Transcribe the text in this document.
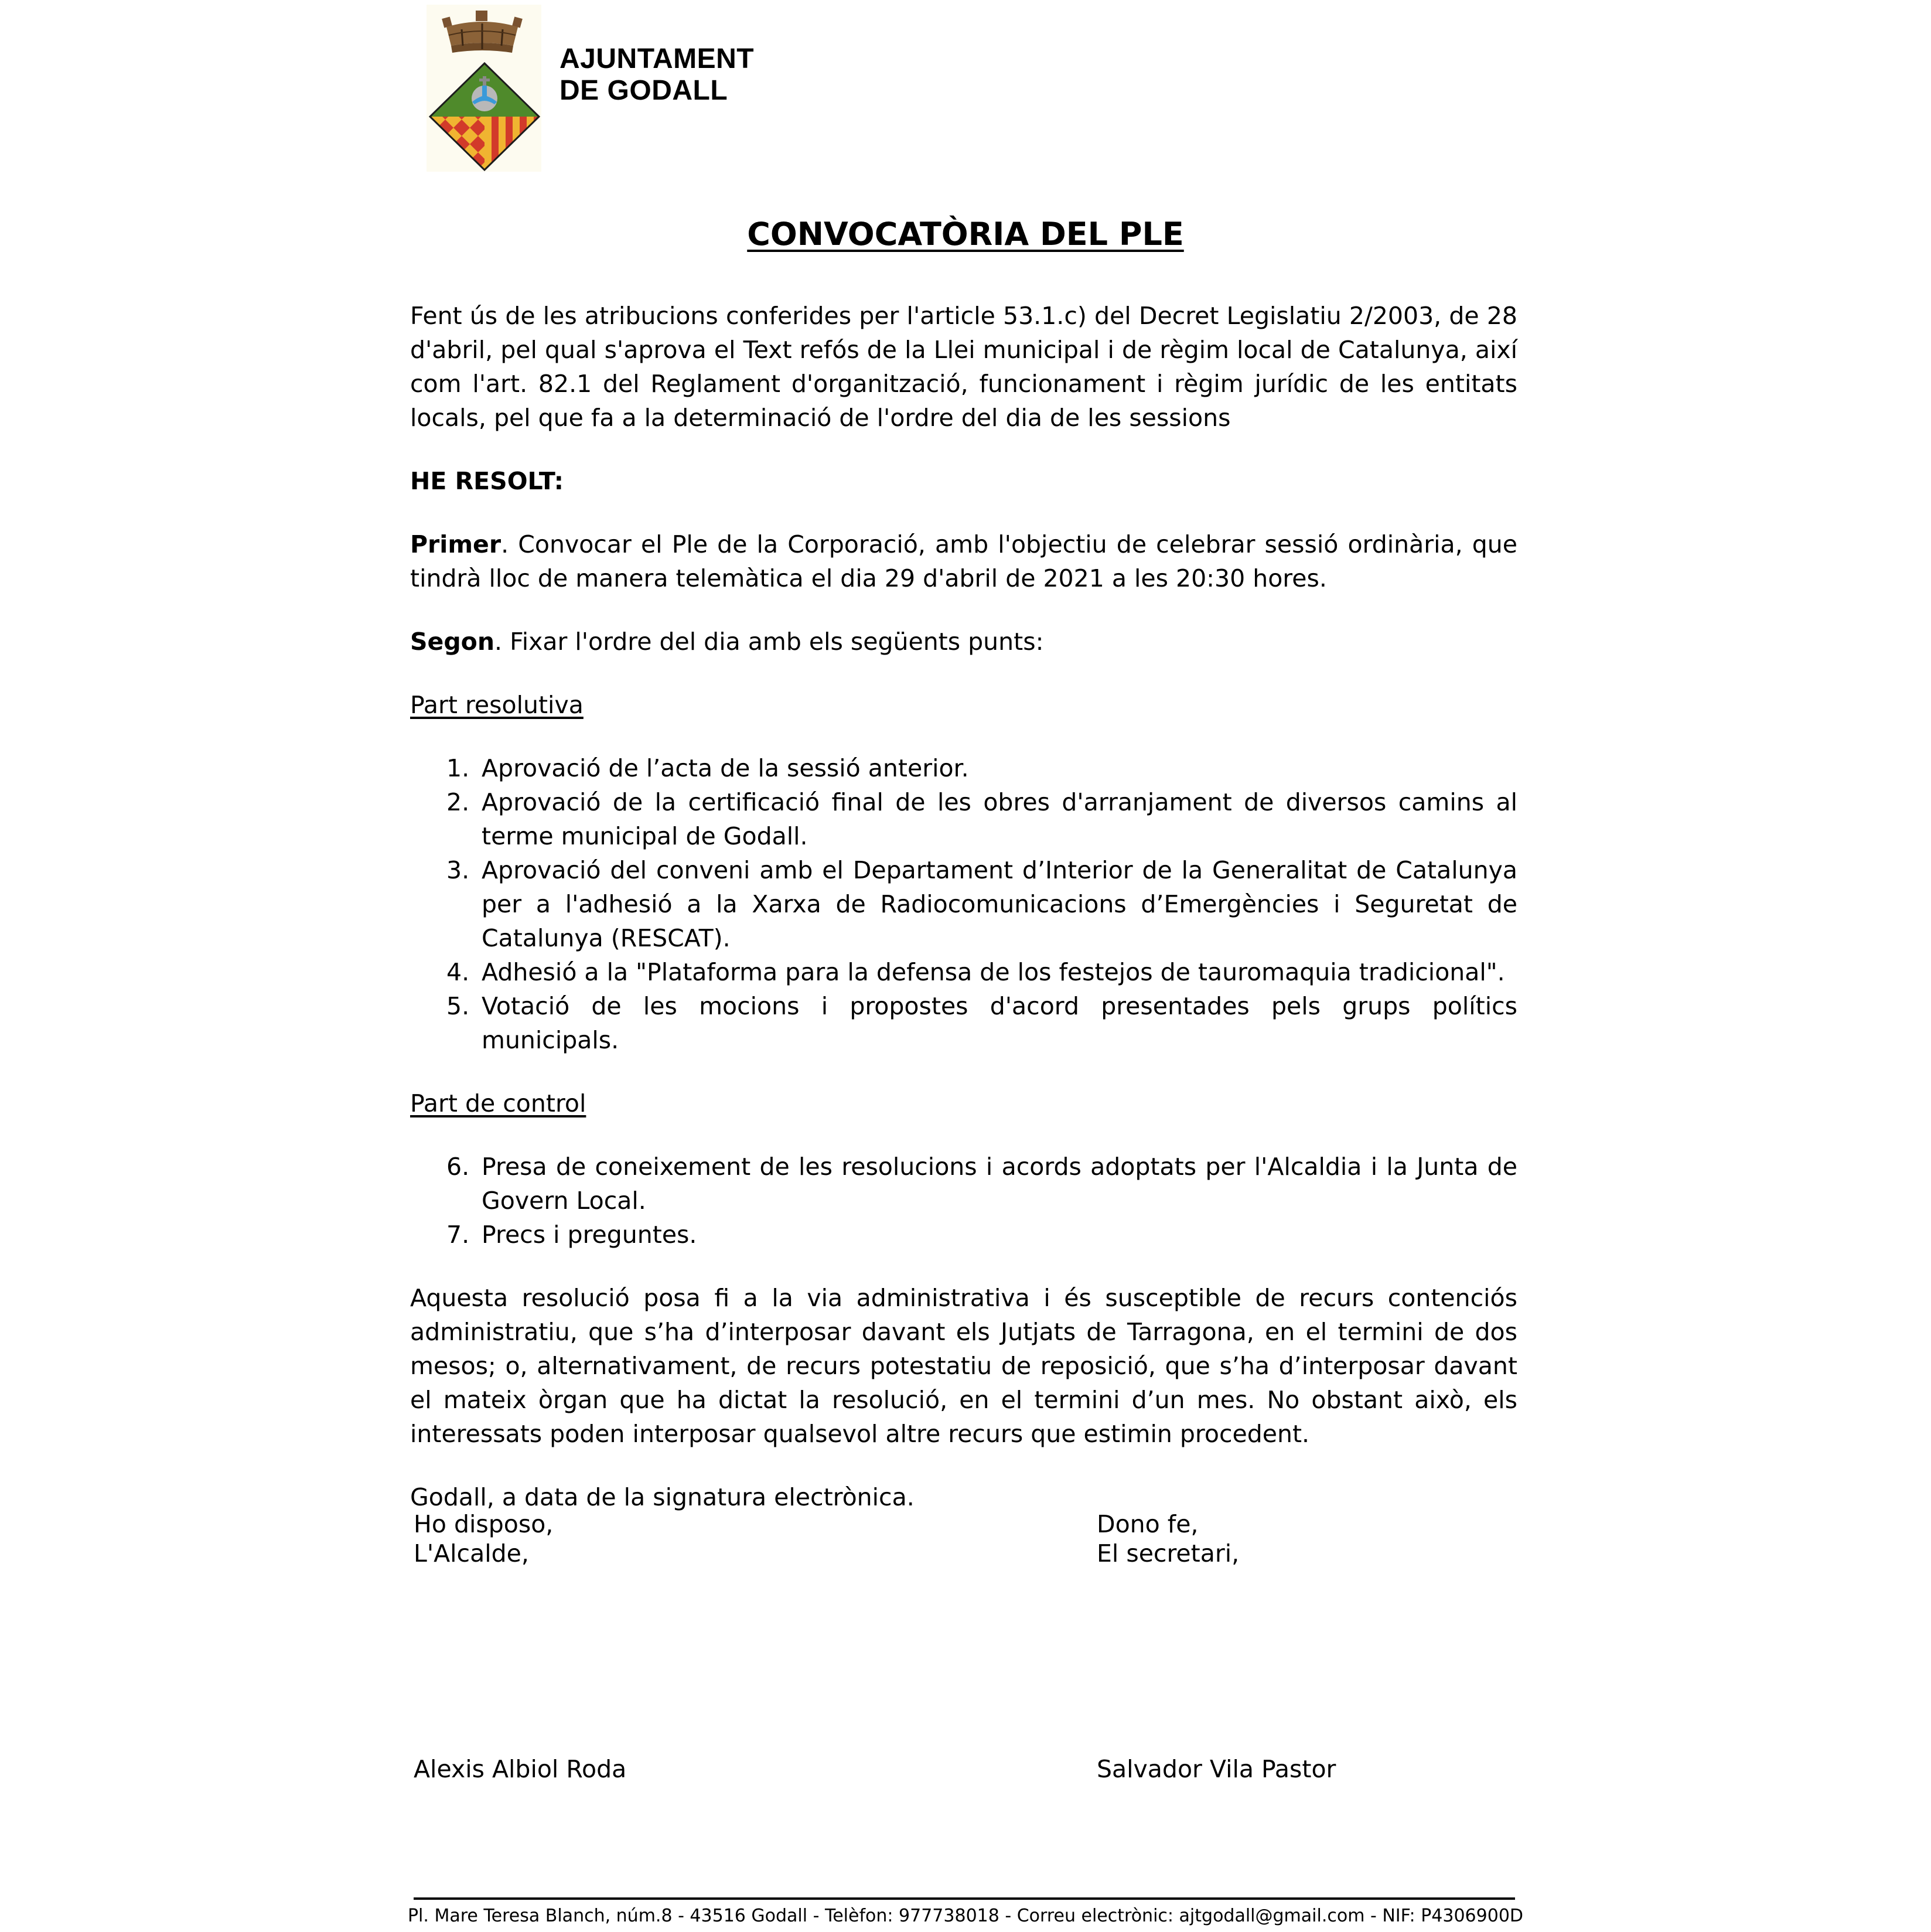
AJUNTAMENT
DE GODALL
CONVOCATÒRIA DEL PLE

Fent ús de les atribucions conferides per l'article 53.1.c) del Decret Legislatiu 2/2003, de 28 d'abril, pel qual s'aprova el Text refós de la Llei municipal i de règim local de Catalunya, així com l'art. 82.1 del Reglament d'organització, funcionament i règim jurídic de les entitats locals, pel que fa a la determinació de l'ordre del dia de les sessions

HE RESOLT:

Primer. Convocar el Ple de la Corporació, amb l'objectiu de celebrar sessió ordinària, que tindrà lloc de manera telemàtica el dia 29 d'abril de 2021 a les 20:30 hores.

Segon. Fixar l'ordre del dia amb els següents punts:

Part resolutiva

1. Aprovació de l’acta de la sessió anterior.
2. Aprovació de la certificació final de les obres d'arranjament de diversos camins al terme municipal de Godall.
3. Aprovació del conveni amb el Departament d’Interior de la Generalitat de Catalunya per a l'adhesió a la Xarxa de Radiocomunicacions d’Emergències i Seguretat de Catalunya (RESCAT).
4. Adhesió a la "Plataforma para la defensa de los festejos de tauromaquia tradicional".
5. Votació de les mocions i propostes d'acord presentades pels grups polítics municipals.

Part de control

6. Presa de coneixement de les resolucions i acords adoptats per l'Alcaldia i la Junta de Govern Local.
7. Precs i preguntes.

Aquesta resolució posa fi a la via administrativa i és susceptible de recurs contenciós administratiu, que s’ha d’interposar davant els Jutjats de Tarragona, en el termini de dos mesos; o, alternativament, de recurs potestatiu de reposició, que s’ha d’interposar davant el mateix òrgan que ha dictat la resolució, en el termini d’un mes. No obstant això, els interessats poden interposar qualsevol altre recurs que estimin procedent.

Godall, a data de la signatura electrònica.

Ho disposo,
L'Alcalde,
Dono fe,
El secretari,
Alexis Albiol Roda	Salvador Vila Pastor
Pl. Mare Teresa Blanch, núm.8 - 43516 Godall - Telèfon: 977738018 - Correu electrònic: ajtgodall@gmail.com - NIF: P4306900D
